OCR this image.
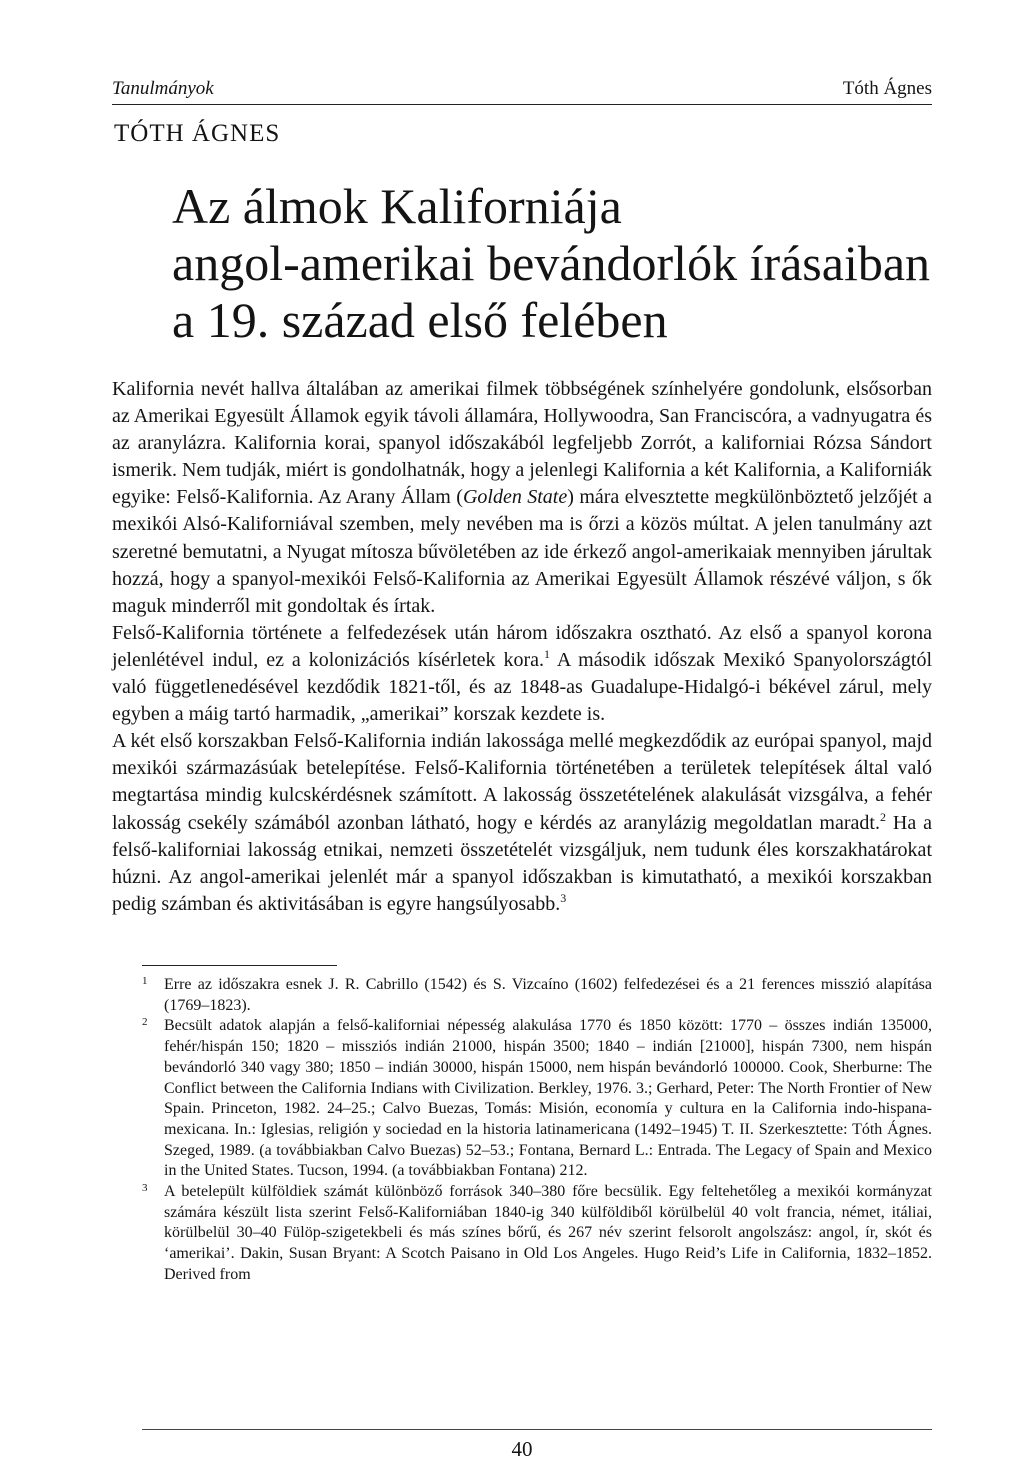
Tanulmányok	Tóth Ágnes
TÓTH ÁGNES
Az álmok Kaliforniája
angol-amerikai bevándorlók írásaiban
a 19. század első felében

Kalifornia nevét hallva általában az amerikai filmek többségének színhelyére gondolunk, elsősorban az Amerikai Egyesült Államok egyik távoli államára, Hollywoodra, San Franciscóra, a vadnyugatra és az aranylázra. Kalifornia korai, spanyol időszakából legfeljebb Zorrót, a kaliforniai Rózsa Sándort ismerik. Nem tudják, miért is gondolhatnák, hogy a jelenlegi Kalifornia a két Kalifornia, a Kaliforniák egyike: Felső-Kalifornia. Az Arany Állam (Golden State) mára elvesztette megkülönböztető jelzőjét a mexikói Alsó-Kaliforniával szemben, mely nevében ma is őrzi a közös múltat. A jelen tanulmány azt szeretné bemutatni, a Nyugat mítosza bűvöletében az ide érkező angol-amerikaiak mennyiben járultak hozzá, hogy a spanyol-mexikói Felső-Kalifornia az Amerikai Egyesült Államok részévé váljon, s ők maguk minderről mit gondoltak és írtak.

Felső-Kalifornia története a felfedezések után három időszakra osztható. Az első a spanyol korona jelenlétével indul, ez a kolonizációs kísérletek kora.$^1$ A második időszak Mexikó Spanyolországtól való függetlenedésével kezdődik 1821-től, és az 1848-as Guadalupe-Hidalgó-i békével zárul, mely egyben a máig tartó harmadik, „amerikai” korszak kezdete is.

A két első korszakban Felső-Kalifornia indián lakossága mellé megkezdődik az európai spanyol, majd mexikói származásúak betelepítése. Felső-Kalifornia történetében a területek telepítések által való megtartása mindig kulcskérdésnek számított. A lakosság összetételének alakulását vizsgálva, a fehér lakosság csekély számából azonban látható, hogy e kérdés az aranylázig megoldatlan maradt.$^2$ Ha a felső-kaliforniai lakosság etnikai, nemzeti összetételét vizsgáljuk, nem tudunk éles korszakhatárokat húzni. Az angol-amerikai jelenlét már a spanyol időszakban is kimutatható, a mexikói korszakban pedig számban és aktivitásában is egyre hangsúlyosabb.$^3$

1 Erre az időszakra esnek J. R. Cabrillo (1542) és S. Vizcaíno (1602) felfedezései és a 21 ferences misszió alapítása (1769–1823).
2 Becsült adatok alapján a felső-kaliforniai népesség alakulása 1770 és 1850 között: 1770 – összes indián 135000, fehér/hispán 150; 1820 – missziós indián 21000, hispán 3500; 1840 – indián [21000], hispán 7300, nem hispán bevándorló 340 vagy 380; 1850 – indián 30000, hispán 15000, nem hispán bevándorló 100000. Cook, Sherburne: The Conflict between the California Indians with Civilization. Berkley, 1976. 3.; Gerhard, Peter: The North Frontier of New Spain. Princeton, 1982. 24–25.; Calvo Buezas, Tomás: Misión, economía y cultura en la California indo-hispana-mexicana. In.: Iglesias, religión y sociedad en la historia latinamericana (1492–1945) T. II. Szerkesztette: Tóth Ágnes. Szeged, 1989. (a továbbiakban Calvo Buezas) 52–53.; Fontana, Bernard L.: Entrada. The Legacy of Spain and Mexico in the United States. Tucson, 1994. (a továbbiakban Fontana) 212.
3 A betelepült külföldiek számát különböző források 340–380 főre becsülik. Egy feltehetőleg a mexikói kormányzat számára készült lista szerint Felső-Kaliforniában 1840-ig 340 külföldiből körülbelül 40 volt francia, német, itáliai, körülbelül 30–40 Fülöp-szigetekbeli és más színes bőrű, és 267 név szerint felsorolt angolszász: angol, ír, skót és ‘amerikai’. Dakin, Susan Bryant: A Scotch Paisano in Old Los Angeles. Hugo Reid’s Life in California, 1832–1852. Derived from
40
